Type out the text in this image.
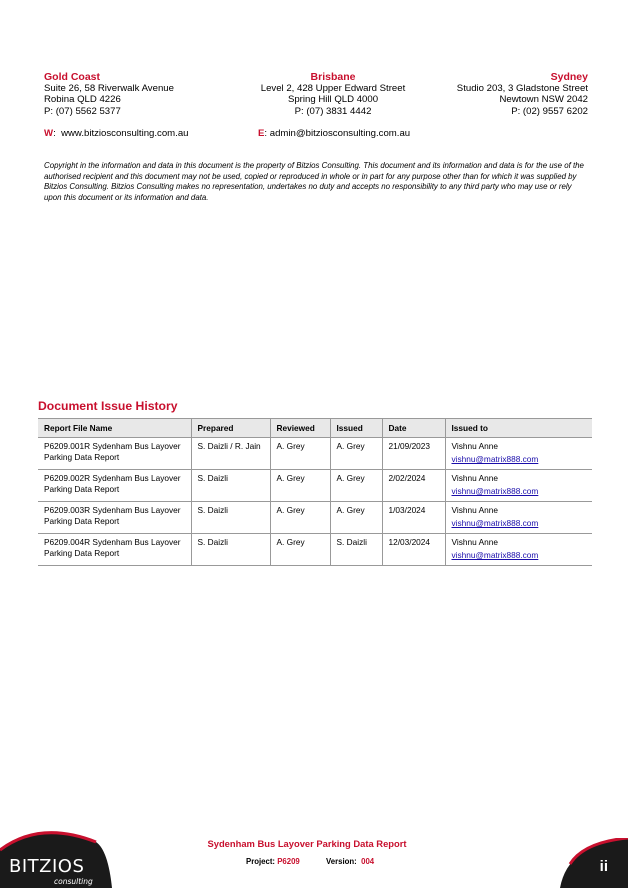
Gold Coast
Suite 26, 58 Riverwalk Avenue
Robina QLD 4226
P: (07) 5562 5377
Brisbane
Level 2, 428 Upper Edward Street
Spring Hill QLD 4000
P: (07) 3831 4442
Sydney
Studio 203, 3 Gladstone Street
Newtown NSW 2042
P: (02) 9557 6202
W:  www.bitziosconsulting.com.au	E: admin@bitziosconsulting.com.au
Copyright in the information and data in this document is the property of Bitzios Consulting. This document and its information and data is for the use of the authorised recipient and this document may not be used, copied or reproduced in whole or in part for any purpose other than for which it was supplied by Bitzios Consulting. Bitzios Consulting makes no representation, undertakes no duty and accepts no responsibility to any third party who may use or rely upon this document or its information and data.
Document Issue History
Report File Name	Prepared	Reviewed	Issued	Date	Issued to
P6209.001R Sydenham Bus Layover Parking Data Report	S. Daizli / R. Jain	A. Grey	A. Grey	21/09/2023	Vishnu Anne
vishnu@matrix888.com

P6209.002R Sydenham Bus Layover Parking Data Report	S. Daizli	A. Grey	A. Grey	2/02/2024	Vishnu Anne
vishnu@matrix888.com

P6209.003R Sydenham Bus Layover Parking Data Report	S. Daizli	A. Grey	A. Grey	1/03/2024	Vishnu Anne
vishnu@matrix888.com

P6209.004R Sydenham Bus Layover Parking Data Report	S. Daizli	A. Grey	S. Daizli	12/03/2024	Vishnu Anne
vishnu@matrix888.com
BITZIOS
consulting
Sydenham Bus Layover Parking Data Report
Project: P6209	Version: 004	ii
